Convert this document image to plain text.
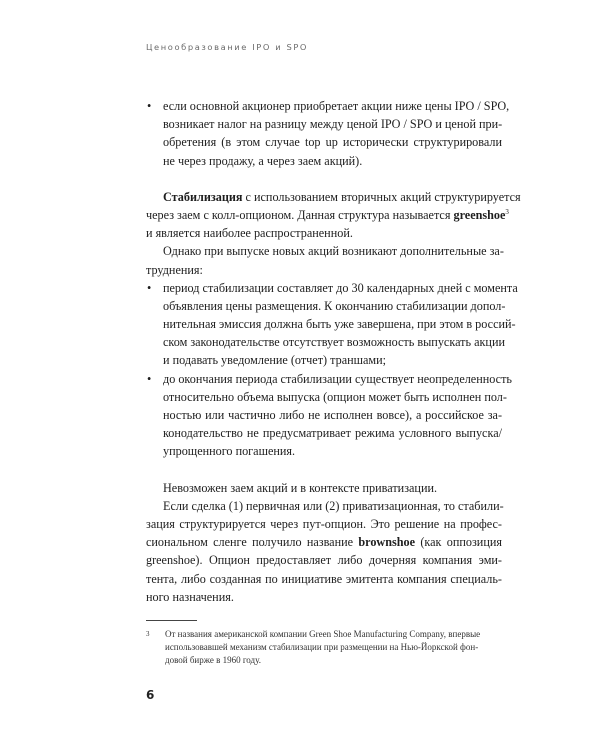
Ценообразование IPO и SPO
• если основной акционер приобретает акции ниже цены IPO / SPO,
возникает налог на разницу между ценой IPO / SPO и ценой при-
обретения (в этом случае top up исторически структурировали
не через продажу, а через заем акций).
Стабилизация с использованием вторичных акций структурируется
через заем с колл-опционом. Данная структура называется greenshoe$^3$
и является наиболее распространенной.
Однако при выпуске новых акций возникают дополнительные за-
труднения:
• период стабилизации составляет до 30 календарных дней с момента
объявления цены размещения. К окончанию стабилизации допол-
нительная эмиссия должна быть уже завершена, при этом в россий-
ском законодательстве отсутствует возможность выпускать акции
и подавать уведомление (отчет) траншами;
• до окончания периода стабилизации существует неопределенность
относительно объема выпуска (опцион может быть исполнен пол-
ностью или частично либо не исполнен вовсе), а российское за-
конодательство не предусматривает режима условного выпуска/
упрощенного погашения.
Невозможен заем акций и в контексте приватизации.
Если сделка (1) первичная или (2) приватизационная, то стабили-
зация структурируется через пут-опцион. Это решение на профес-
сиональном сленге получило название brownshoe (как оппозиция
greenshoe). Опцион предоставляет либо дочерняя компания эми-
тента, либо созданная по инициативе эмитента компания специаль-
ного назначения.
3 От названия американской компании Green Shoe Manufacturing Company, впервые
использовавшей механизм стабилизации при размещении на Нью-Йоркской фон-
довой бирже в 1960 году.
6
